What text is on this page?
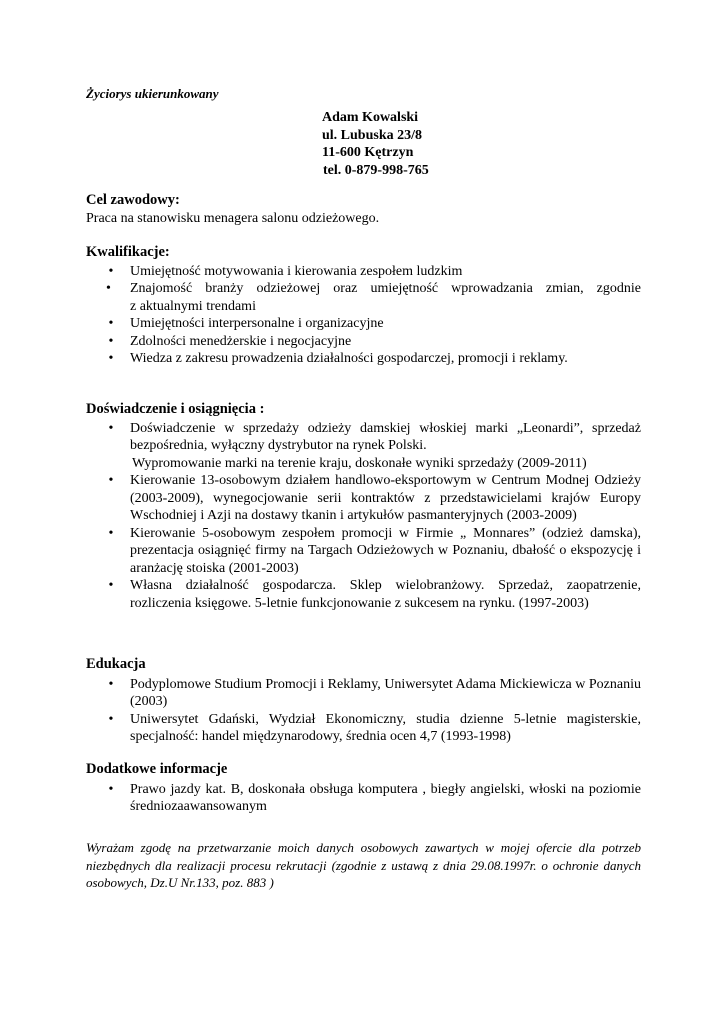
Życiorys ukierunkowany
Adam Kowalski
ul. Lubuska 23/8
11-600 Kętrzyn
tel. 0-879-998-765

Cel zawodowy:

Praca na stanowisku menagera salonu odzieżowego.

Kwalifikacje:

• Umiejętność motywowania i kierowania zespołem ludzkim
•	Znajomość branży odzieżowej oraz umiejętność wprowadzania zmian, zgodnie

z aktualnymi trendami

• Umiejętności interpersonalne i organizacyjne
• Zdolności menedżerskie i negocjacyjne
• Wiedza z zakresu prowadzenia działalności gospodarczej, promocji i reklamy.

Doświadczenie i osiągnięcia :

• Doświadczenie w sprzedaży odzieży damskiej włoskiej marki „Leonardi”, sprzedaż bezpośrednia, wyłączny dystrybutor na rynek Polski.

Wypromowanie marki na terenie kraju, doskonałe wyniki sprzedaży (2009-2011)

• Kierowanie 13-osobowym działem handlowo-eksportowym w Centrum Modnej Odzieży (2003-2009), wynegocjowanie serii kontraktów z przedstawicielami krajów Europy Wschodniej i Azji na dostawy tkanin i artykułów pasmanteryjnych (2003-2009)
• Kierowanie 5-osobowym zespołem promocji w Firmie „ Monnares” (odzież damska), prezentacja osiągnięć firmy na Targach Odzieżowych w Poznaniu, dbałość o ekspozycję i aranżację stoiska (2001-2003)
• Własna działalność gospodarcza. Sklep wielobranżowy. Sprzedaż, zaopatrzenie, rozliczenia księgowe. 5-letnie funkcjonowanie z sukcesem na rynku. (1997-2003)

Edukacja

• Podyplomowe Studium Promocji i Reklamy, Uniwersytet Adama Mickiewicza w Poznaniu (2003)
• Uniwersytet Gdański, Wydział Ekonomiczny, studia dzienne 5-letnie magisterskie, specjalność: handel międzynarodowy, średnia ocen 4,7 (1993-1998)

Dodatkowe informacje

• Prawo jazdy kat. B, doskonała obsługa komputera , biegły angielski, włoski na poziomie średniozaawansowanym
Wyrażam zgodę na przetwarzanie moich danych osobowych zawartych w mojej ofercie dla potrzeb niezbędnych dla realizacji procesu rekrutacji (zgodnie z ustawą z dnia 29.08.1997r. o ochronie danych osobowych, Dz.U Nr.133, poz. 883 )
